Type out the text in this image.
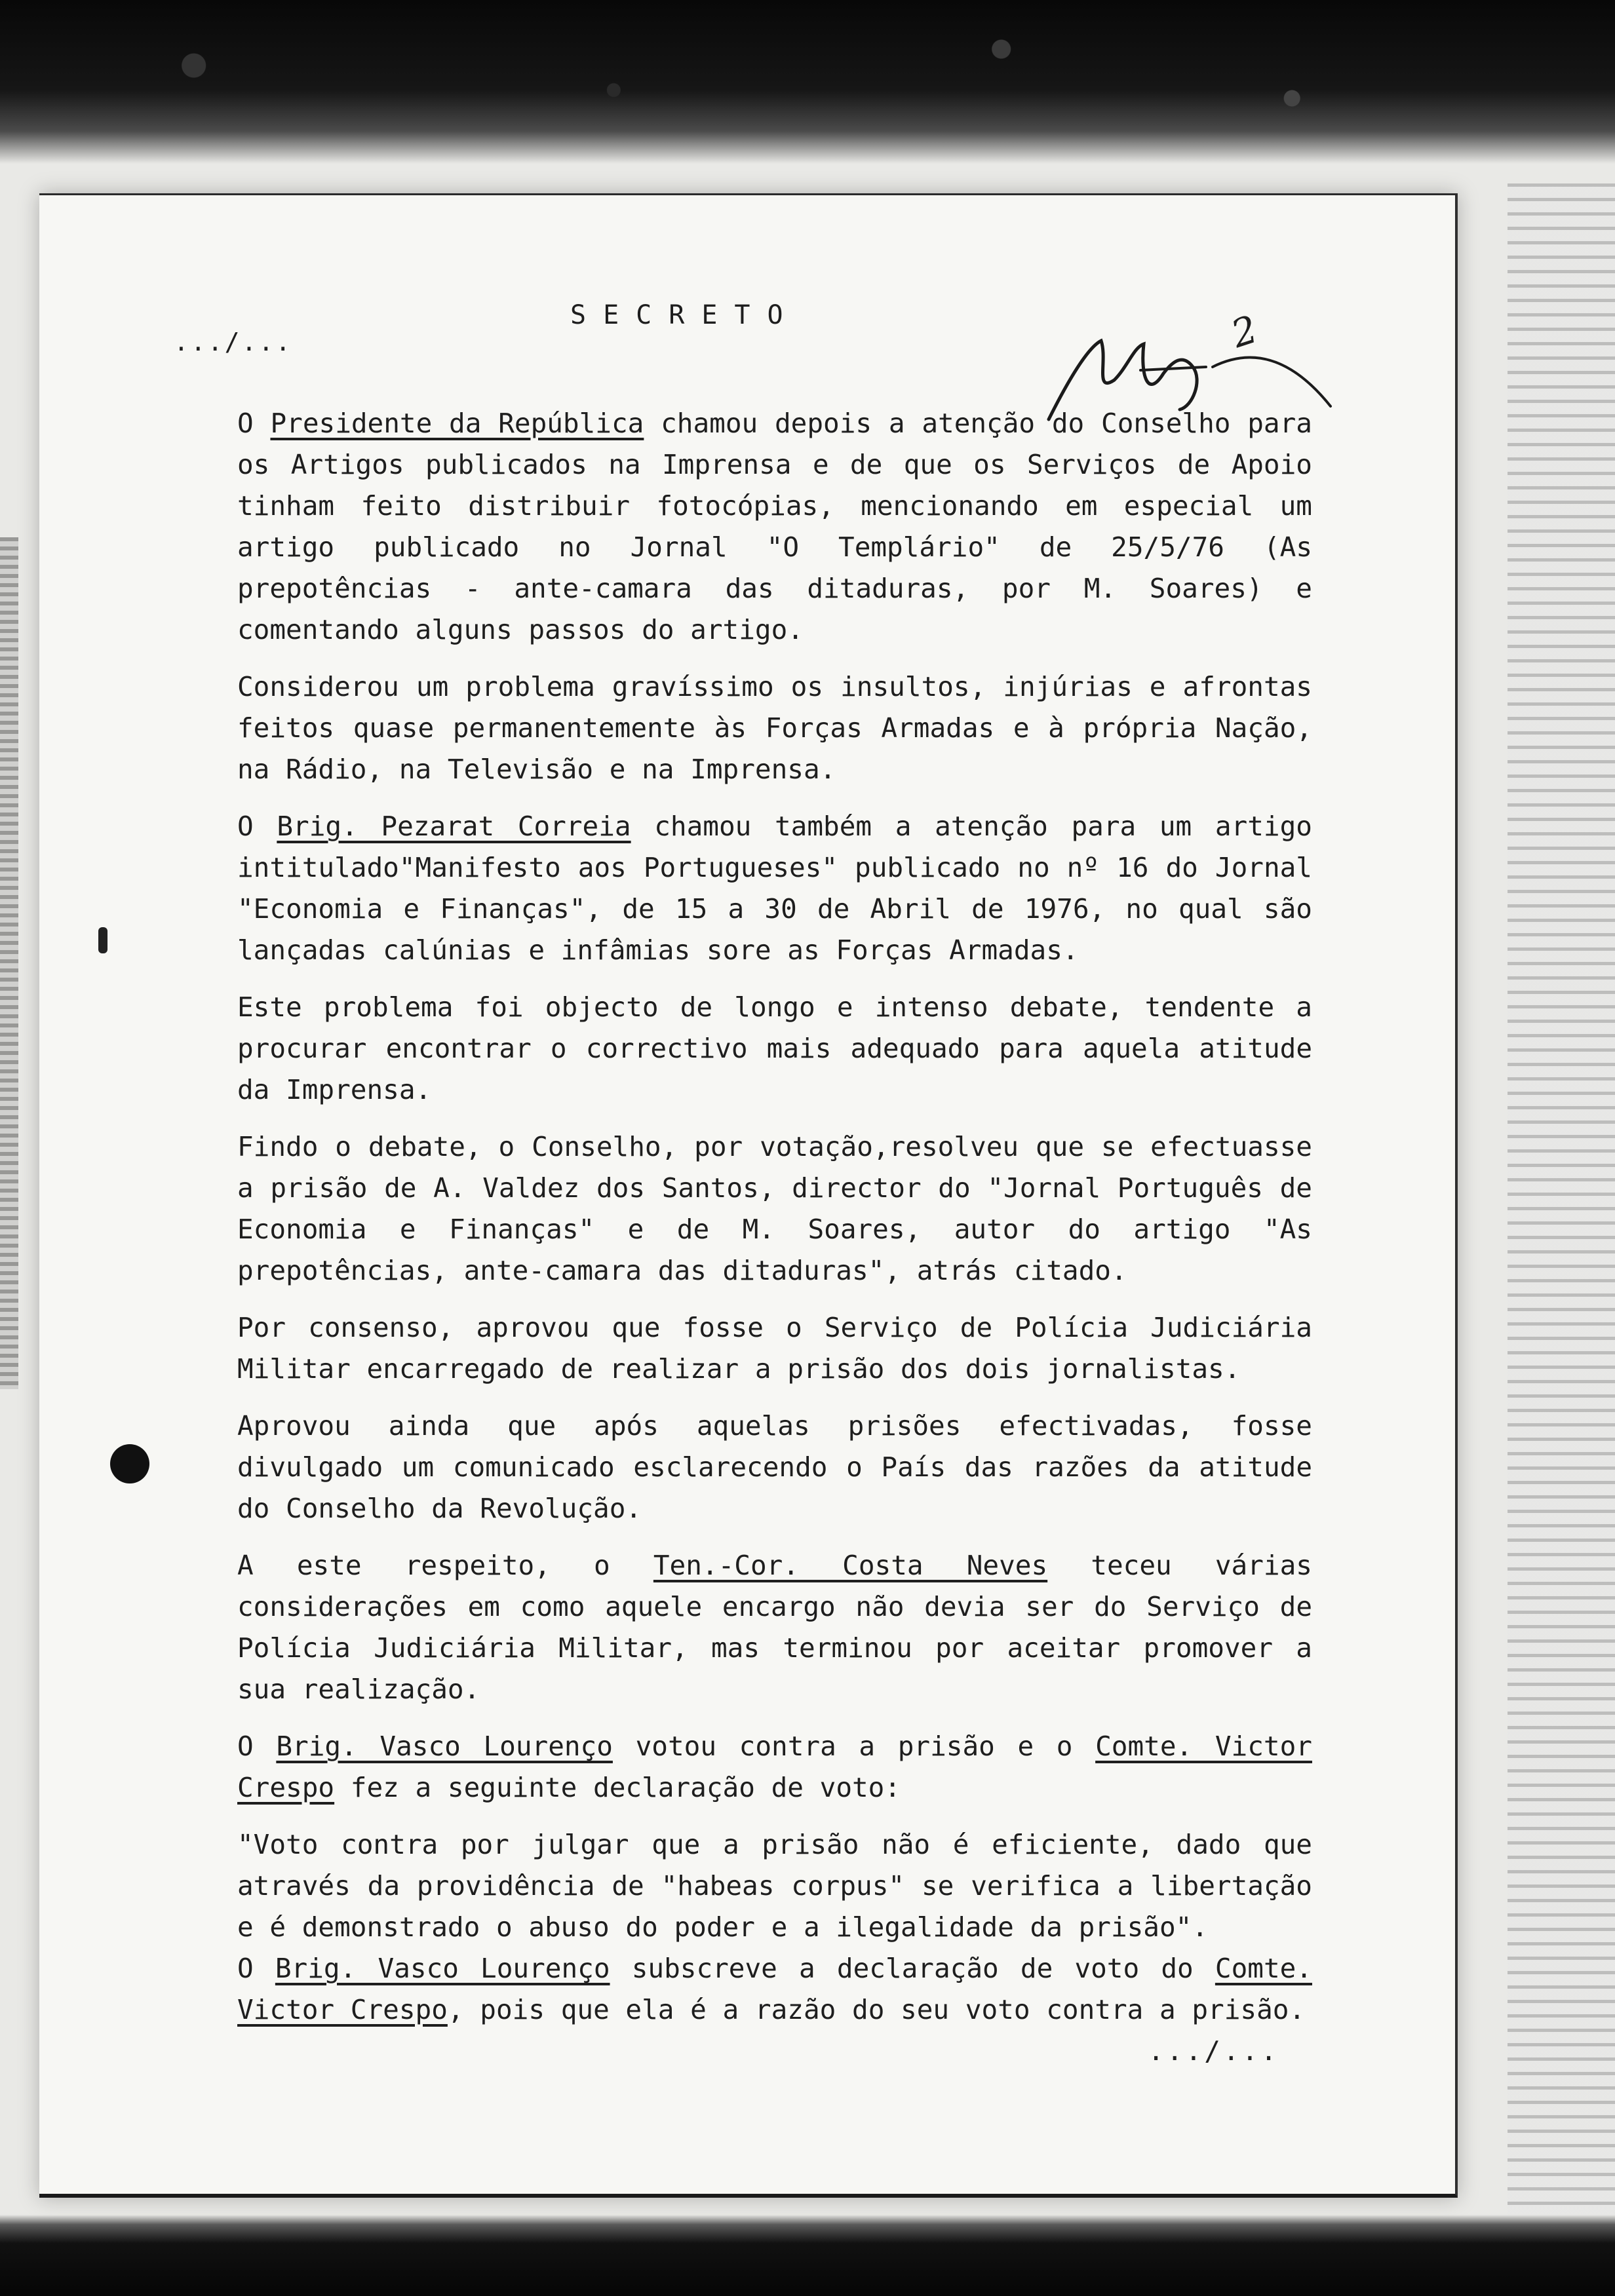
.../...
SECRETO	2

O Presidente da República chamou depois a atenção do Conselho para os Artigos publicados na Imprensa e de que os Serviços de Apoio tinham feito distribuir fotocópias, mencionando em especial um artigo publicado no Jornal "O Templário" de 25/5/76 (As prepotências - ante-camara das ditaduras, por M. Soares) e comentando alguns passos do artigo.

Considerou um problema gravíssimo os insultos, injúrias e afrontas feitos quase permanentemente às Forças Armadas e à própria Nação, na Rádio, na Televisão e na Imprensa.

O Brig. Pezarat Correia chamou também a atenção para um artigo intitulado"Manifesto aos Portugueses" publicado no nº 16 do Jornal "Economia e Finanças", de 15 a 30 de Abril de 1976, no qual são lançadas calúnias e infâmias sore as Forças Armadas.

Este problema foi objecto de longo e intenso debate, tendente a procurar encontrar o correctivo mais adequado para aquela atitude da Imprensa.

Findo o debate, o Conselho, por votação,resolveu que se efectuasse a prisão de A. Valdez dos Santos, director do "Jornal Português de Economia e Finanças" e de M. Soares, autor do artigo "As prepotências, ante-camara das ditaduras", atrás citado.

Por consenso, aprovou que fosse o Serviço de Polícia Judiciária Militar encarregado de realizar a prisão dos dois jornalistas.

Aprovou ainda que após aquelas prisões efectivadas, fosse divulgado um comunicado esclarecendo o País das razões da atitude do Conselho da Revolução.

A este respeito, o Ten.-Cor. Costa Neves teceu várias considerações em como aquele encargo não devia ser do Serviço de Polícia Judiciária Militar, mas terminou por aceitar promover a sua realização.

O Brig. Vasco Lourenço votou contra a prisão e o Comte. Victor Crespo fez a seguinte declaração de voto:

"Voto contra por julgar que a prisão não é eficiente, dado que através da providência de "habeas corpus" se verifica a libertação e é demonstrado o abuso do poder e a ilegalidade da prisão".

O Brig. Vasco Lourenço subscreve a declaração de voto do Comte. Victor Crespo, pois que ela é a razão do seu voto contra a prisão.
.../...
